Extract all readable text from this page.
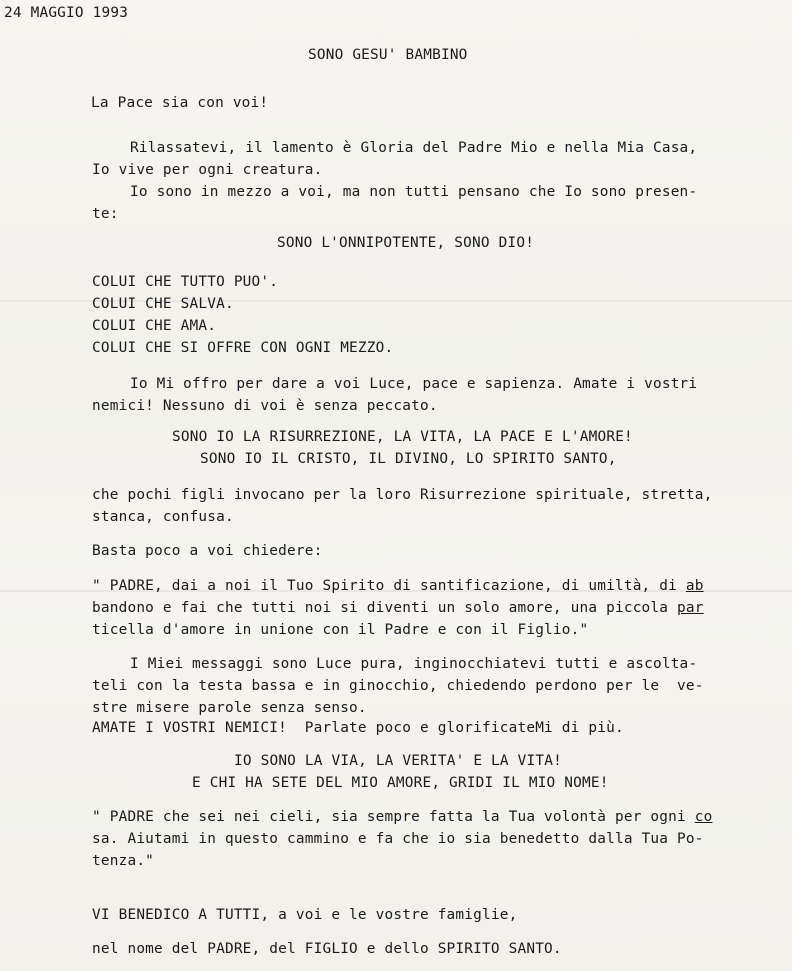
24 MAGGIO 1993
SONO GESU' BAMBINO
La Pace sia con voi!
Rilassatevi, il lamento è Gloria del Padre Mio e nella Mia Casa,
Io vive per ogni creatura.
Io sono in mezzo a voi, ma non tutti pensano che Io sono presen-
te:
SONO L'ONNIPOTENTE, SONO DIO!
COLUI CHE TUTTO PUO'.
COLUI CHE SALVA.
COLUI CHE AMA.
COLUI CHE SI OFFRE CON OGNI MEZZO.
Io Mi offro per dare a voi Luce, pace e sapienza. Amate i vostri
nemici! Nessuno di voi è senza peccato.
SONO IO LA RISURREZIONE, LA VITA, LA PACE E L'AMORE!
SONO IO IL CRISTO, IL DIVINO, LO SPIRITO SANTO,
che pochi figli invocano per la loro Risurrezione spirituale, stretta,
stanca, confusa.
Basta poco a voi chiedere:
" PADRE, dai a noi il Tuo Spirito di santificazione, di umiltà, di ab
bandono e fai che tutti noi si diventi un solo amore, una piccola par
ticella d'amore in unione con il Padre e con il Figlio."
I Miei messaggi sono Luce pura, inginocchiatevi tutti e ascolta-
teli con la testa bassa e in ginocchio, chiedendo perdono per le  ve-
stre misere parole senza senso.
AMATE I VOSTRI NEMICI!  Parlate poco e glorificateMi di più.
IO SONO LA VIA, LA VERITA' E LA VITA!
E CHI HA SETE DEL MIO AMORE, GRIDI IL MIO NOME!
" PADRE che sei nei cieli, sia sempre fatta la Tua volontà per ogni co
sa. Aiutami in questo cammino e fa che io sia benedetto dalla Tua Po-
tenza."
VI BENEDICO A TUTTI, a voi e le vostre famiglie,
nel nome del PADRE, del FIGLIO e dello SPIRITO SANTO.
